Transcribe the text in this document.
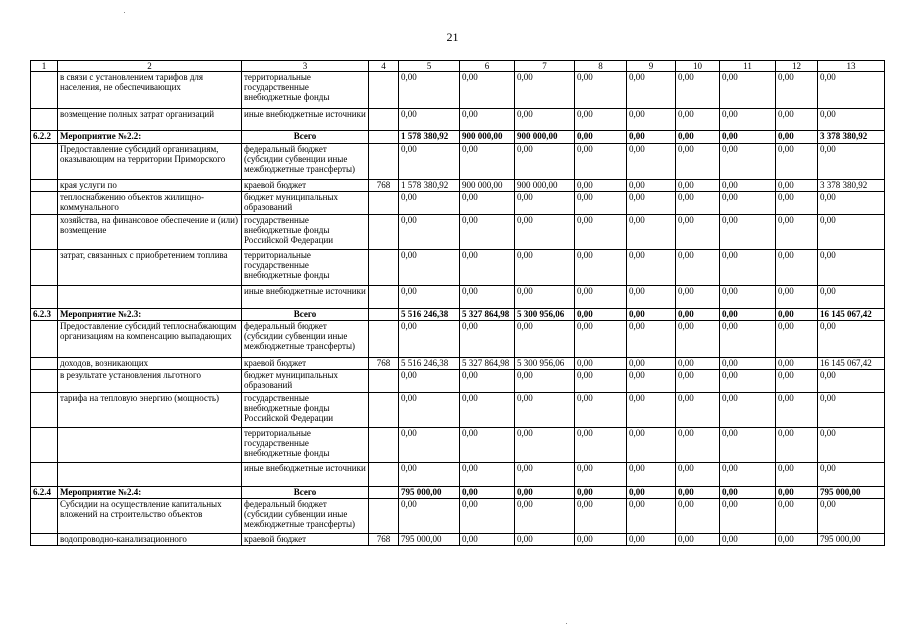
21
1	2	3	4	5	6	7	8	9	10	11	12	13
	в связи с установлением тарифов для населения, не обеспечивающих	территориальные государственные внебюджетные фонды		0,00	0,00	0,00	0,00	0,00	0,00	0,00	0,00	0,00
	возмещение полных затрат организаций	иные внебюджетные источники		0,00	0,00	0,00	0,00	0,00	0,00	0,00	0,00	0,00
6.2.2	Мероприятие №2.2:	Всего		1 578 380,92	900 000,00	900 000,00	0,00	0,00	0,00	0,00	0,00	3 378 380,92
	Предоставление субсидий организациям, оказывающим на территории Приморского	федеральный бюджет (субсидии субвенции иные межбюджетные трансферты)		0,00	0,00	0,00	0,00	0,00	0,00	0,00	0,00	0,00
	края услуги по	краевой бюджет	768	1 578 380,92	900 000,00	900 000,00	0,00	0,00	0,00	0,00	0,00	3 378 380,92
	теплоснабжению объектов жилищно-коммунального	бюджет муниципальных образований		0,00	0,00	0,00	0,00	0,00	0,00	0,00	0,00	0,00
	хозяйства, на финансовое обеспечение и (или) возмещение	государственные внебюджетные фонды Российской Федерации		0,00	0,00	0,00	0,00	0,00	0,00	0,00	0,00	0,00
	затрат, связанных с приобретением топлива	территориальные государственные внебюджетные фонды		0,00	0,00	0,00	0,00	0,00	0,00	0,00	0,00	0,00
		иные внебюджетные источники		0,00	0,00	0,00	0,00	0,00	0,00	0,00	0,00	0,00
6.2.3	Мероприятие №2.3:	Всего		5 516 246,38	5 327 864,98	5 300 956,06	0,00	0,00	0,00	0,00	0,00	16 145 067,42
	Предоставление субсидий теплоснабжающим организациям на компенсацию выпадающих	федеральный бюджет (субсидии субвенции иные межбюджетные трансферты)		0,00	0,00	0,00	0,00	0,00	0,00	0,00	0,00	0,00
	доходов, возникающих	краевой бюджет	768	5 516 246,38	5 327 864,98	5 300 956,06	0,00	0,00	0,00	0,00	0,00	16 145 067,42
	в результате установления льготного	бюджет муниципальных образований		0,00	0,00	0,00	0,00	0,00	0,00	0,00	0,00	0,00
	тарифа на тепловую энергию (мощность)	государственные внебюджетные фонды Российской Федерации		0,00	0,00	0,00	0,00	0,00	0,00	0,00	0,00	0,00
		территориальные государственные внебюджетные фонды		0,00	0,00	0,00	0,00	0,00	0,00	0,00	0,00	0,00
		иные внебюджетные источники		0,00	0,00	0,00	0,00	0,00	0,00	0,00	0,00	0,00
6.2.4	Мероприятие №2.4:	Всего		795 000,00	0,00	0,00	0,00	0,00	0,00	0,00	0,00	795 000,00
	Субсидии на осуществление капитальных вложений на строительство объектов	федеральный бюджет (субсидии субвенции иные межбюджетные трансферты)		0,00	0,00	0,00	0,00	0,00	0,00	0,00	0,00	0,00
	водопроводно-канализационного	краевой бюджет	768	795 000,00	0,00	0,00	0,00	0,00	0,00	0,00	0,00	795 000,00
